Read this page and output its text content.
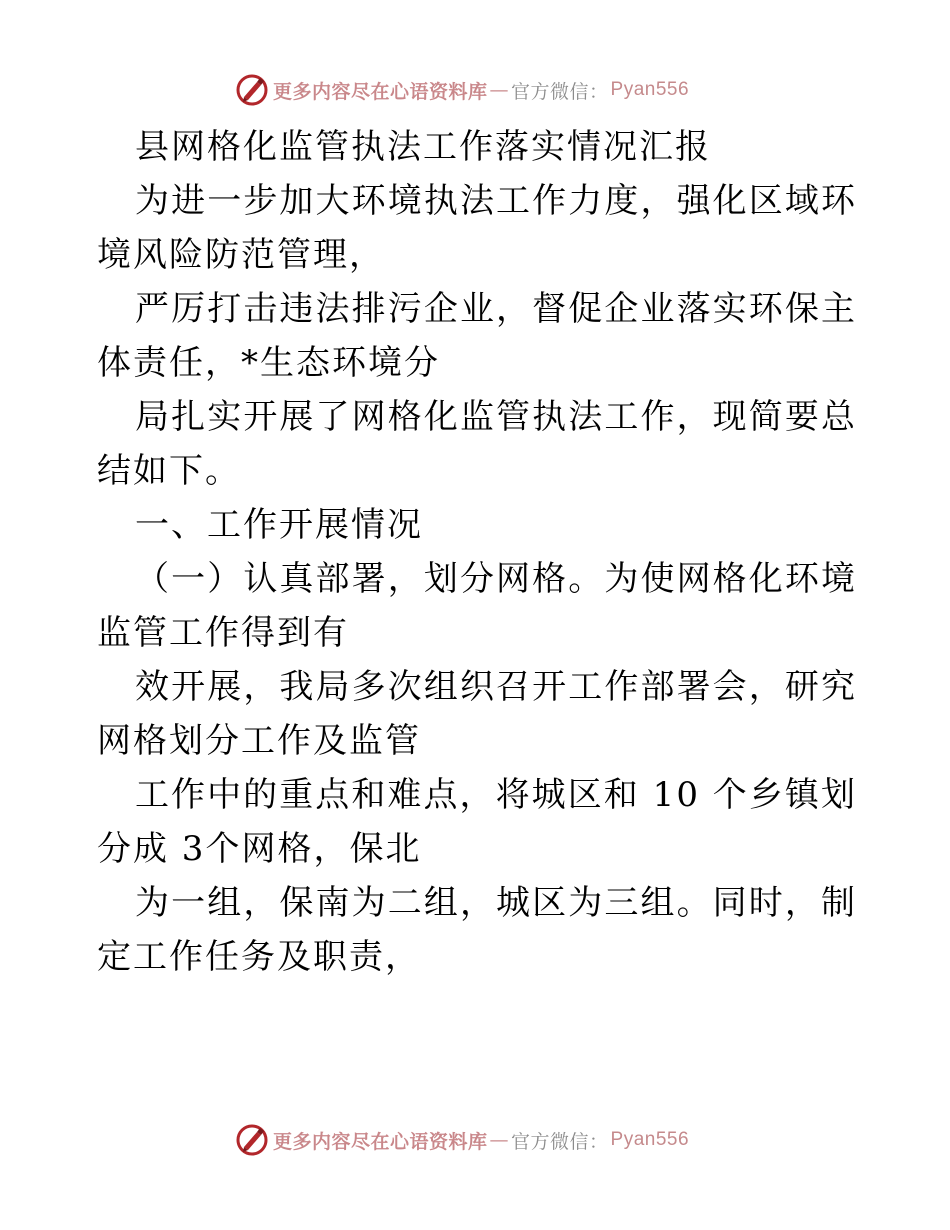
更多内容尽在心语资料库 — 官方微信： Pyan556

县网格化监管执法工作落实情况汇报

为进一步加大环境执法工作力度，强化区域环境风险防范管理，

严厉打击违法排污企业，督促企业落实环保主体责任，*生态环境分

局扎实开展了网格化监管执法工作，现简要总结如下。

一、工作开展情况

（一）认真部署，划分网格。为使网格化环境监管工作得到有

效开展，我局多次组织召开工作部署会，研究网格划分工作及监管

工作中的重点和难点，将城区和 10 个乡镇划分成 3个网格，保北

为一组，保南为二组，城区为三组。同时，制定工作任务及职责，

更多内容尽在心语资料库 — 官方微信： Pyan556
